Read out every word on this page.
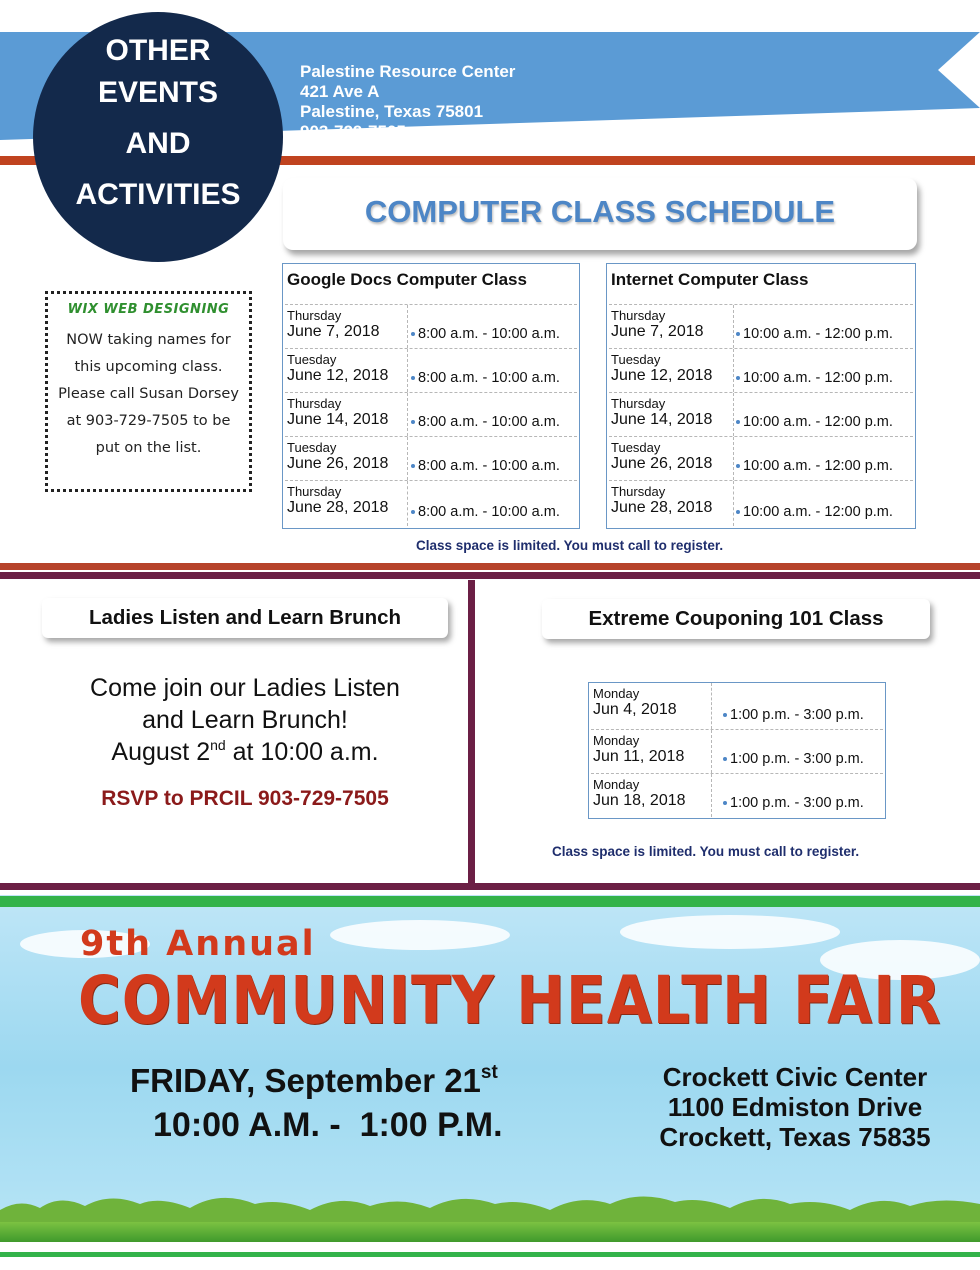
OTHER
EVENTS
AND
ACTIVITIES
Palestine Resource Center
421 Ave A
Palestine, Texas 75801
903-729-7505
COMPUTER CLASS SCHEDULE
WIX WEB DESIGNING
NOW taking names for
this upcoming class.
Please call Susan Dorsey
at 903-729-7505 to be
put on the list.
Google Docs Computer Class
Thursday
June 7, 2018	8:00 a.m. - 10:00 a.m.
Tuesday
June 12, 2018	8:00 a.m. - 10:00 a.m.
Thursday
June 14, 2018	8:00 a.m. - 10:00 a.m.
Tuesday
June 26, 2018	8:00 a.m. - 10:00 a.m.
Thursday
June 28, 2018	8:00 a.m. - 10:00 a.m.
Internet Computer Class
Thursday
June 7, 2018	10:00 a.m. - 12:00 p.m.
Tuesday
June 12, 2018	10:00 a.m. - 12:00 p.m.
Thursday
June 14, 2018	10:00 a.m. - 12:00 p.m.
Tuesday
June 26, 2018	10:00 a.m. - 12:00 p.m.
Thursday
June 28, 2018	10:00 a.m. - 12:00 p.m.
Class space is limited. You must call to register.
Ladies Listen and Learn Brunch
Come join our Ladies Listen
and Learn Brunch!
August 2nd at 10:00 a.m.
RSVP to PRCIL 903-729-7505
Extreme Couponing 101 Class
Monday
Jun 4, 2018	1:00 p.m. - 3:00 p.m.
Monday
Jun 11, 2018	1:00 p.m. - 3:00 p.m.
Monday
Jun 18, 2018	1:00 p.m. - 3:00 p.m.
Class space is limited. You must call to register.
9th Annual
COMMUNITY HEALTH FAIR
FRIDAY, September 21st
10:00 A.M. -  1:00 P.M.
Crockett Civic Center
1100 Edmiston Drive
Crockett, Texas 75835
